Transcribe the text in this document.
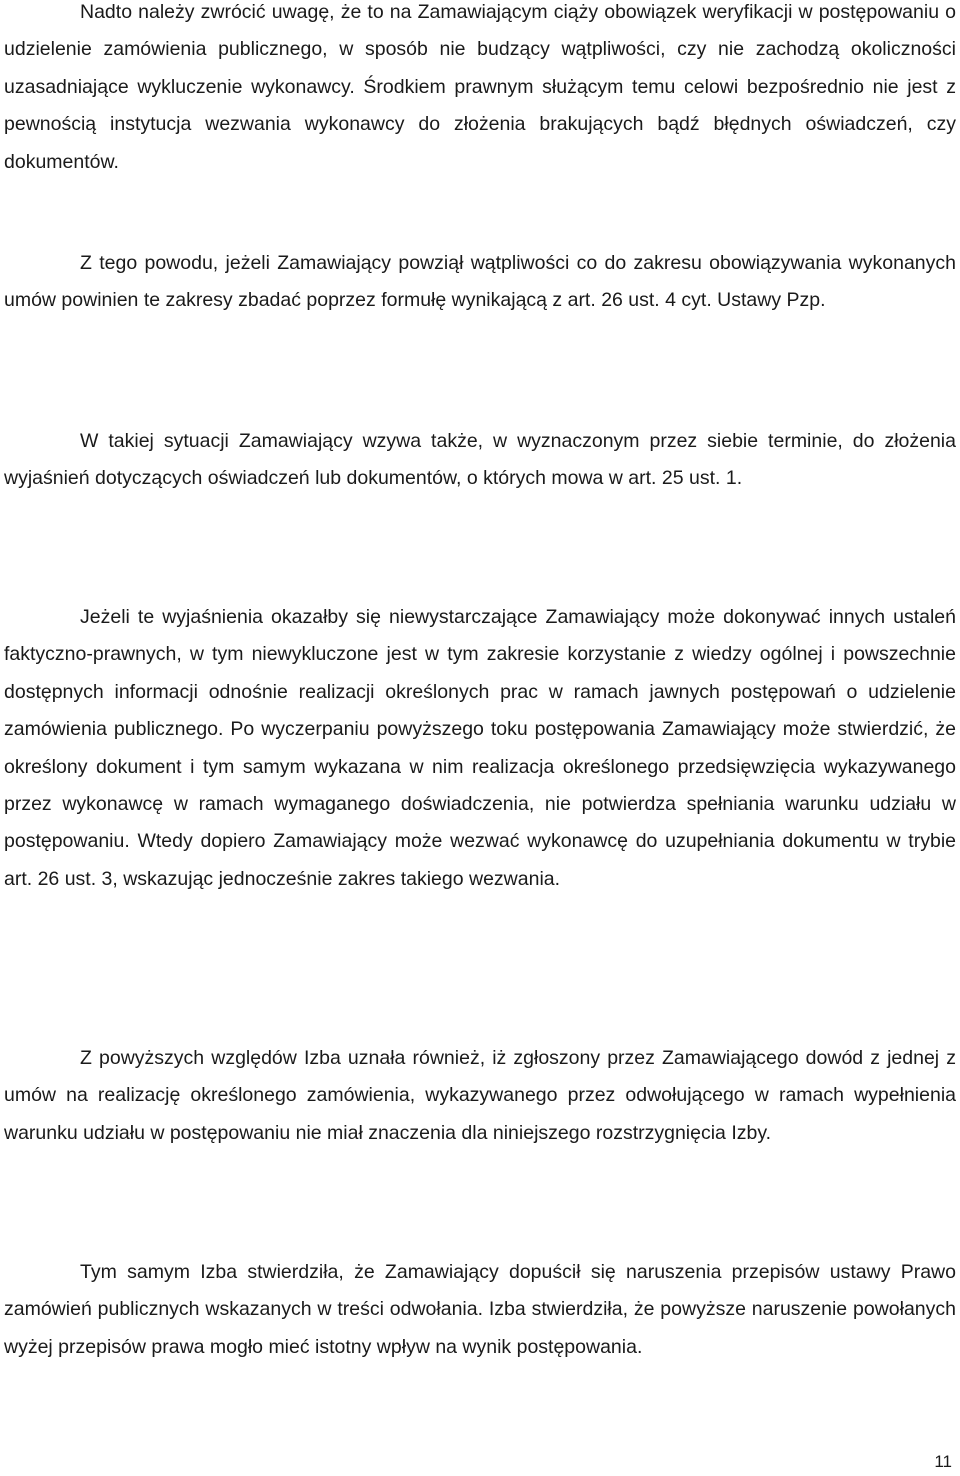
Nadto należy zwrócić uwagę, że to na Zamawiającym ciąży obowiązek weryfikacji w postępowaniu o udzielenie zamówienia publicznego, w sposób nie budzący wątpliwości, czy nie zachodzą okoliczności uzasadniające wykluczenie wykonawcy. Środkiem prawnym służącym temu celowi bezpośrednio nie jest z pewnością instytucja wezwania wykonawcy do złożenia brakujących bądź błędnych oświadczeń, czy dokumentów.

Z tego powodu, jeżeli Zamawiający powziął wątpliwości co do zakresu obowiązywania wykonanych umów powinien te zakresy zbadać poprzez formułę wynikającą z art. 26 ust. 4 cyt. Ustawy Pzp.

W takiej sytuacji Zamawiający wzywa także, w wyznaczonym przez siebie terminie, do złożenia wyjaśnień dotyczących oświadczeń lub dokumentów, o których mowa w art. 25 ust. 1.

Jeżeli te wyjaśnienia okazałby się niewystarczające Zamawiający może dokonywać innych ustaleń faktyczno-prawnych, w tym niewykluczone jest w tym zakresie korzystanie z wiedzy ogólnej i powszechnie dostępnych informacji odnośnie realizacji określonych prac w ramach jawnych postępowań o udzielenie zamówienia publicznego. Po wyczerpaniu powyższego toku postępowania Zamawiający może stwierdzić, że określony dokument i tym samym wykazana w nim realizacja określonego przedsięwzięcia wykazywanego przez wykonawcę w ramach wymaganego doświadczenia, nie potwierdza spełniania warunku udziału w postępowaniu. Wtedy dopiero Zamawiający może wezwać wykonawcę do uzupełniania dokumentu w trybie art. 26 ust. 3, wskazując jednocześnie zakres takiego wezwania.

Z powyższych względów Izba uznała również, iż zgłoszony przez Zamawiającego dowód z jednej z umów na realizację określonego zamówienia, wykazywanego przez odwołującego w ramach wypełnienia warunku udziału w postępowaniu nie miał znaczenia dla niniejszego rozstrzygnięcia Izby.

Tym samym Izba stwierdziła, że Zamawiający dopuścił się naruszenia przepisów ustawy Prawo zamówień publicznych wskazanych w treści odwołania. Izba stwierdziła, że powyższe naruszenie powołanych wyżej przepisów prawa mogło mieć istotny wpływ na wynik postępowania.

11
